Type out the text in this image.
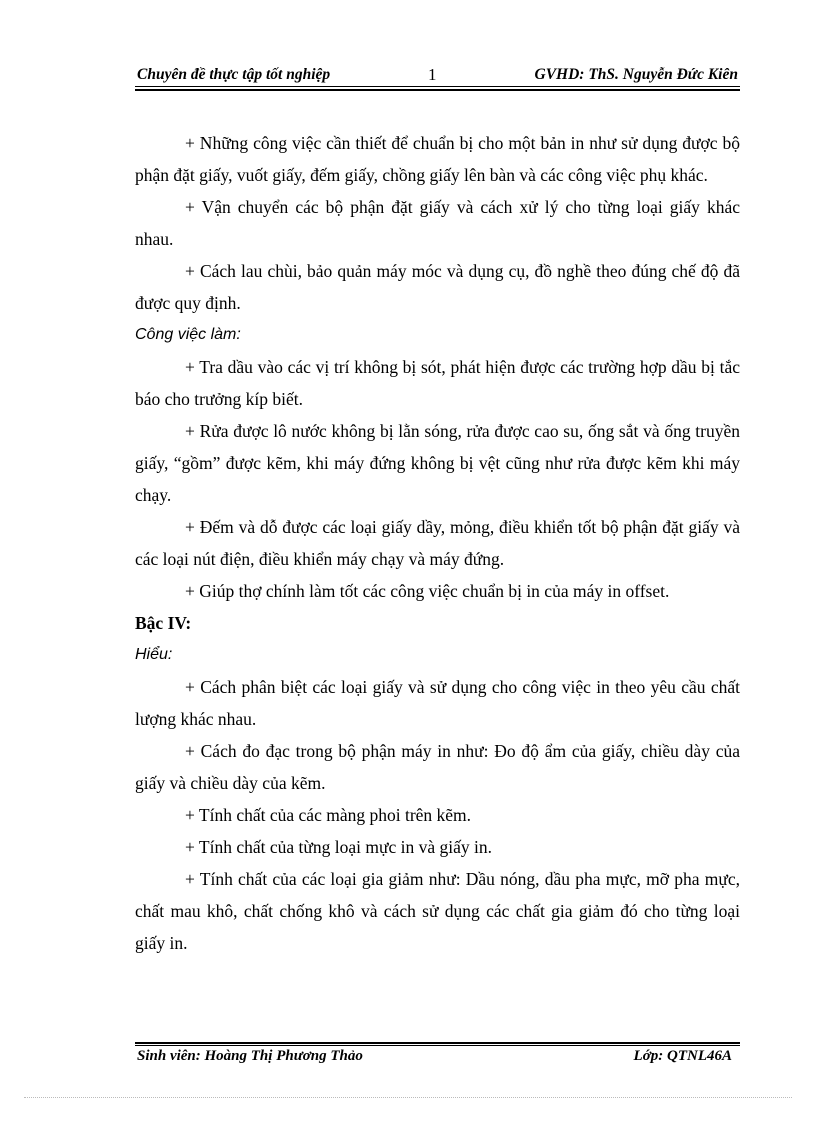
Chuyên đề thực tập tốt nghiệp	1	GVHD: ThS. Nguyễn Đức Kiên

+ Những công việc cần thiết để chuẩn bị cho một bản in như sử dụng được bộ phận đặt giấy, vuốt giấy, đếm giấy, chồng giấy lên bàn và các công việc phụ khác.

+ Vận chuyển các bộ phận đặt giấy và cách xử lý cho từng loại giấy khác nhau.

+ Cách lau chùi, bảo quản máy móc và dụng cụ, đồ nghề theo đúng chế độ đã được quy định.

Công việc làm:

+ Tra dầu vào các vị trí không bị sót, phát hiện được các trường hợp dầu bị tắc báo cho trưởng kíp biết.

+ Rửa được lô nước không bị lằn sóng, rửa được cao su, ống sắt và ống truyền giấy, “gồm” được kẽm, khi máy đứng không bị vệt cũng như rửa được kẽm khi máy chạy.

+ Đếm và dỗ được các loại giấy dầy, mỏng, điều khiển tốt bộ phận đặt giấy và các loại nút điện, điều khiển máy chạy và máy đứng.

+ Giúp thợ chính làm tốt các công việc chuẩn bị in của máy in offset.

Bậc IV:

Hiểu:

+ Cách phân biệt các loại giấy và sử dụng cho công việc in theo yêu cầu chất lượng khác nhau.

+ Cách đo đạc trong bộ phận máy in như: Đo độ ẩm của giấy, chiều dày của giấy và chiều dày của kẽm.

+ Tính chất của các màng phoi trên kẽm.

+ Tính chất của từng loại mực in và giấy in.

+ Tính chất của các loại gia giảm như: Dầu nóng, dầu pha mực, mỡ pha mực, chất mau khô, chất chống khô và cách sử dụng các chất gia giảm đó cho từng loại giấy in.

Sinh viên: Hoàng Thị Phương Thảo	Lớp: QTNL46A
